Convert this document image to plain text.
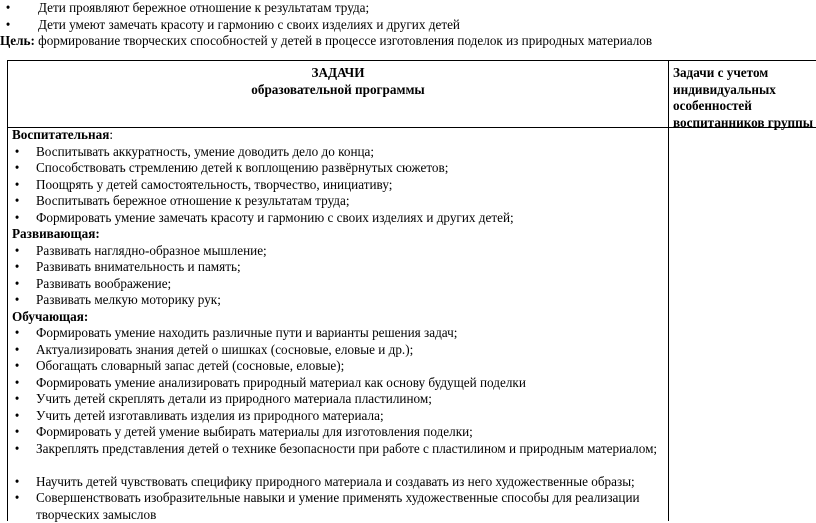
• Дети проявляют бережное отношение к результатам труда;
• Дети умеют замечать красоту и гармонию с своих изделиях и других детей
Цель: формирование творческих способностей у детей в процессе изготовления поделок из природных материалов
ЗАДАЧИ
образовательной программы
Задачи с учетом
индивидуальных
особенностей
воспитанников группы
Воспитательная:
• Воспитывать аккуратность, умение доводить дело до конца;
• Способствовать стремлению детей к воплощению развёрнутых сюжетов;
• Поощрять у детей самостоятельность, творчество, инициативу;
• Воспитывать бережное отношение к результатам труда;
• Формировать умение замечать красоту и гармонию с своих изделиях и других детей;
Развивающая:
• Развивать наглядно-образное мышление;
• Развивать внимательность и память;
• Развивать воображение;
• Развивать мелкую моторику рук;
Обучающая:
• Формировать умение находить различные пути и варианты решения задач;
• Актуализировать знания детей о шишках (сосновые, еловые и др.);
• Обогащать словарный запас детей (сосновые, еловые);
• Формировать умение анализировать природный материал как основу будущей поделки
• Учить детей скреплять детали из природного материала пластилином;
• Учить детей изготавливать изделия из природного материала;
• Формировать у детей умение выбирать материалы для изготовления поделки;
• Закреплять представления детей о технике безопасности при работе с пластилином и природным материалом;
• Научить детей чувствовать специфику природного материала и создавать из него художественные образы;
• Совершенствовать изобразительные навыки и умение применять художественные способы для реализации творческих замыслов
